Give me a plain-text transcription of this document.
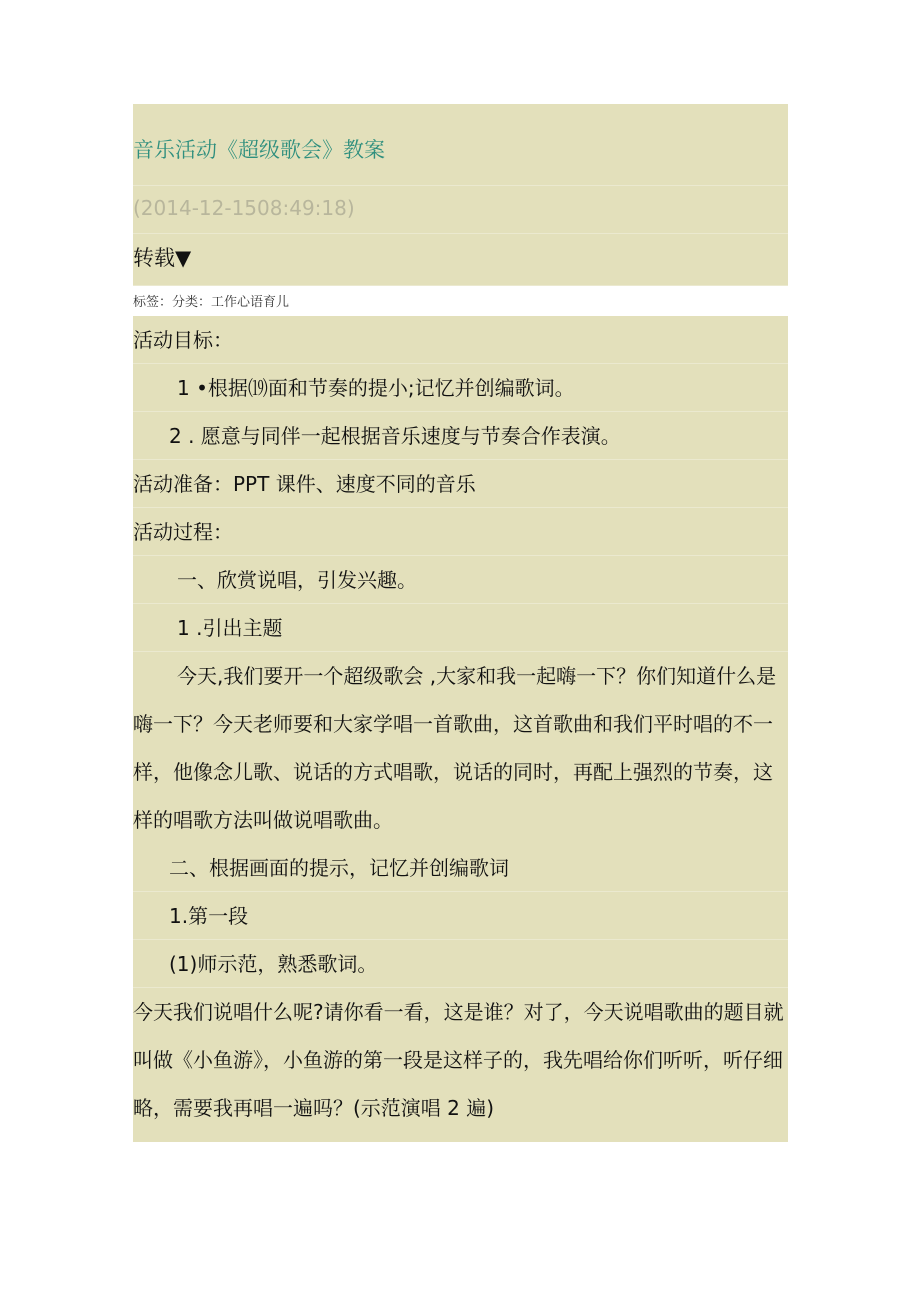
音乐活动《超级歌会》教案
(2014-12-1508:49:18)
转载▼
标签：分类：工作心语育儿
活动目标：
1 •根据⒆面和节奏的提小;记忆并创编歌词。
2 . 愿意与同伴一起根据音乐速度与节奏合作表演。
活动准备：PPT 课件、速度不同的音乐
活动过程：
一、欣赏说唱，引发兴趣。
1 .引出主题
今天,我们要开一个超级歌会 ,大家和我一起嗨一下？你们知道什么是嗨一下？今天老师要和大家学唱一首歌曲，这首歌曲和我们平时唱的不一样，他像念儿歌、说话的方式唱歌，说话的同时，再配上强烈的节奏，这样的唱歌方法叫做说唱歌曲。
二、根据画面的提示，记忆并创编歌词
1.第一段
(1)师示范，熟悉歌词。
今天我们说唱什么呢?请你看一看，这是谁？对了，今天说唱歌曲的题目就叫做《小鱼游》，小鱼游的第一段是这样子的，我先唱给你们听听，听仔细略，需要我再唱一遍吗？(示范演唱 2 遍)
